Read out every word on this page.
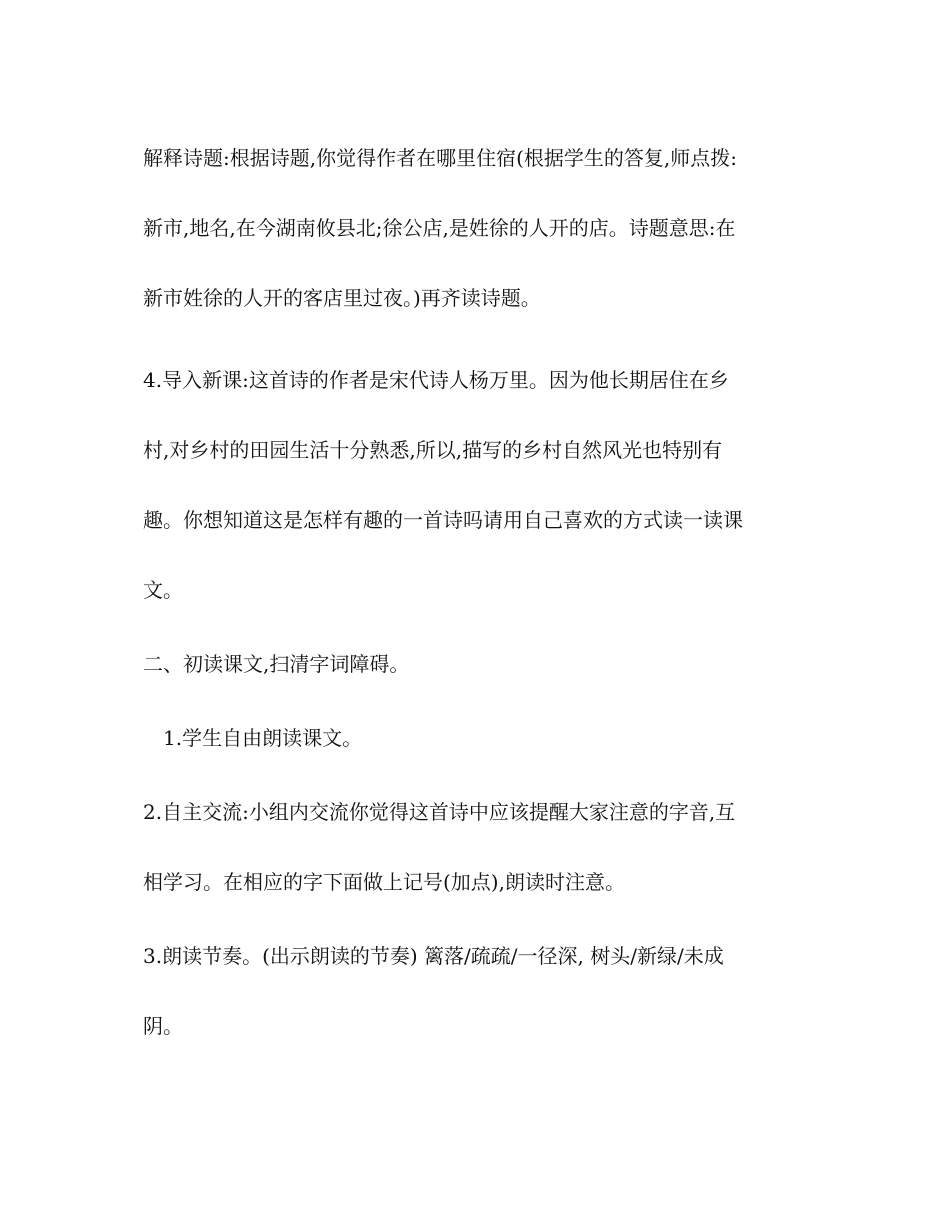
解释诗题:根据诗题,你觉得作者在哪里住宿(根据学生的答复,师点拨:

新市,地名,在今湖南攸县北;徐公店,是姓徐的人开的店。诗题意思:在

新市姓徐的人开的客店里过夜。)再齐读诗题。

4.导入新课:这首诗的作者是宋代诗人杨万里。因为他长期居住在乡

村,对乡村的田园生活十分熟悉,所以,描写的乡村自然风光也特别有

趣。你想知道这是怎样有趣的一首诗吗请用自己喜欢的方式读一读课

文。

二、初读课文,扫清字词障碍。

1.学生自由朗读课文。

2.自主交流:小组内交流你觉得这首诗中应该提醒大家注意的字音,互

相学习。在相应的字下面做上记号(加点),朗读时注意。

3.朗读节奏。(出示朗读的节奏) 篱落/疏疏/一径深, 树头/新绿/未成

阴。
